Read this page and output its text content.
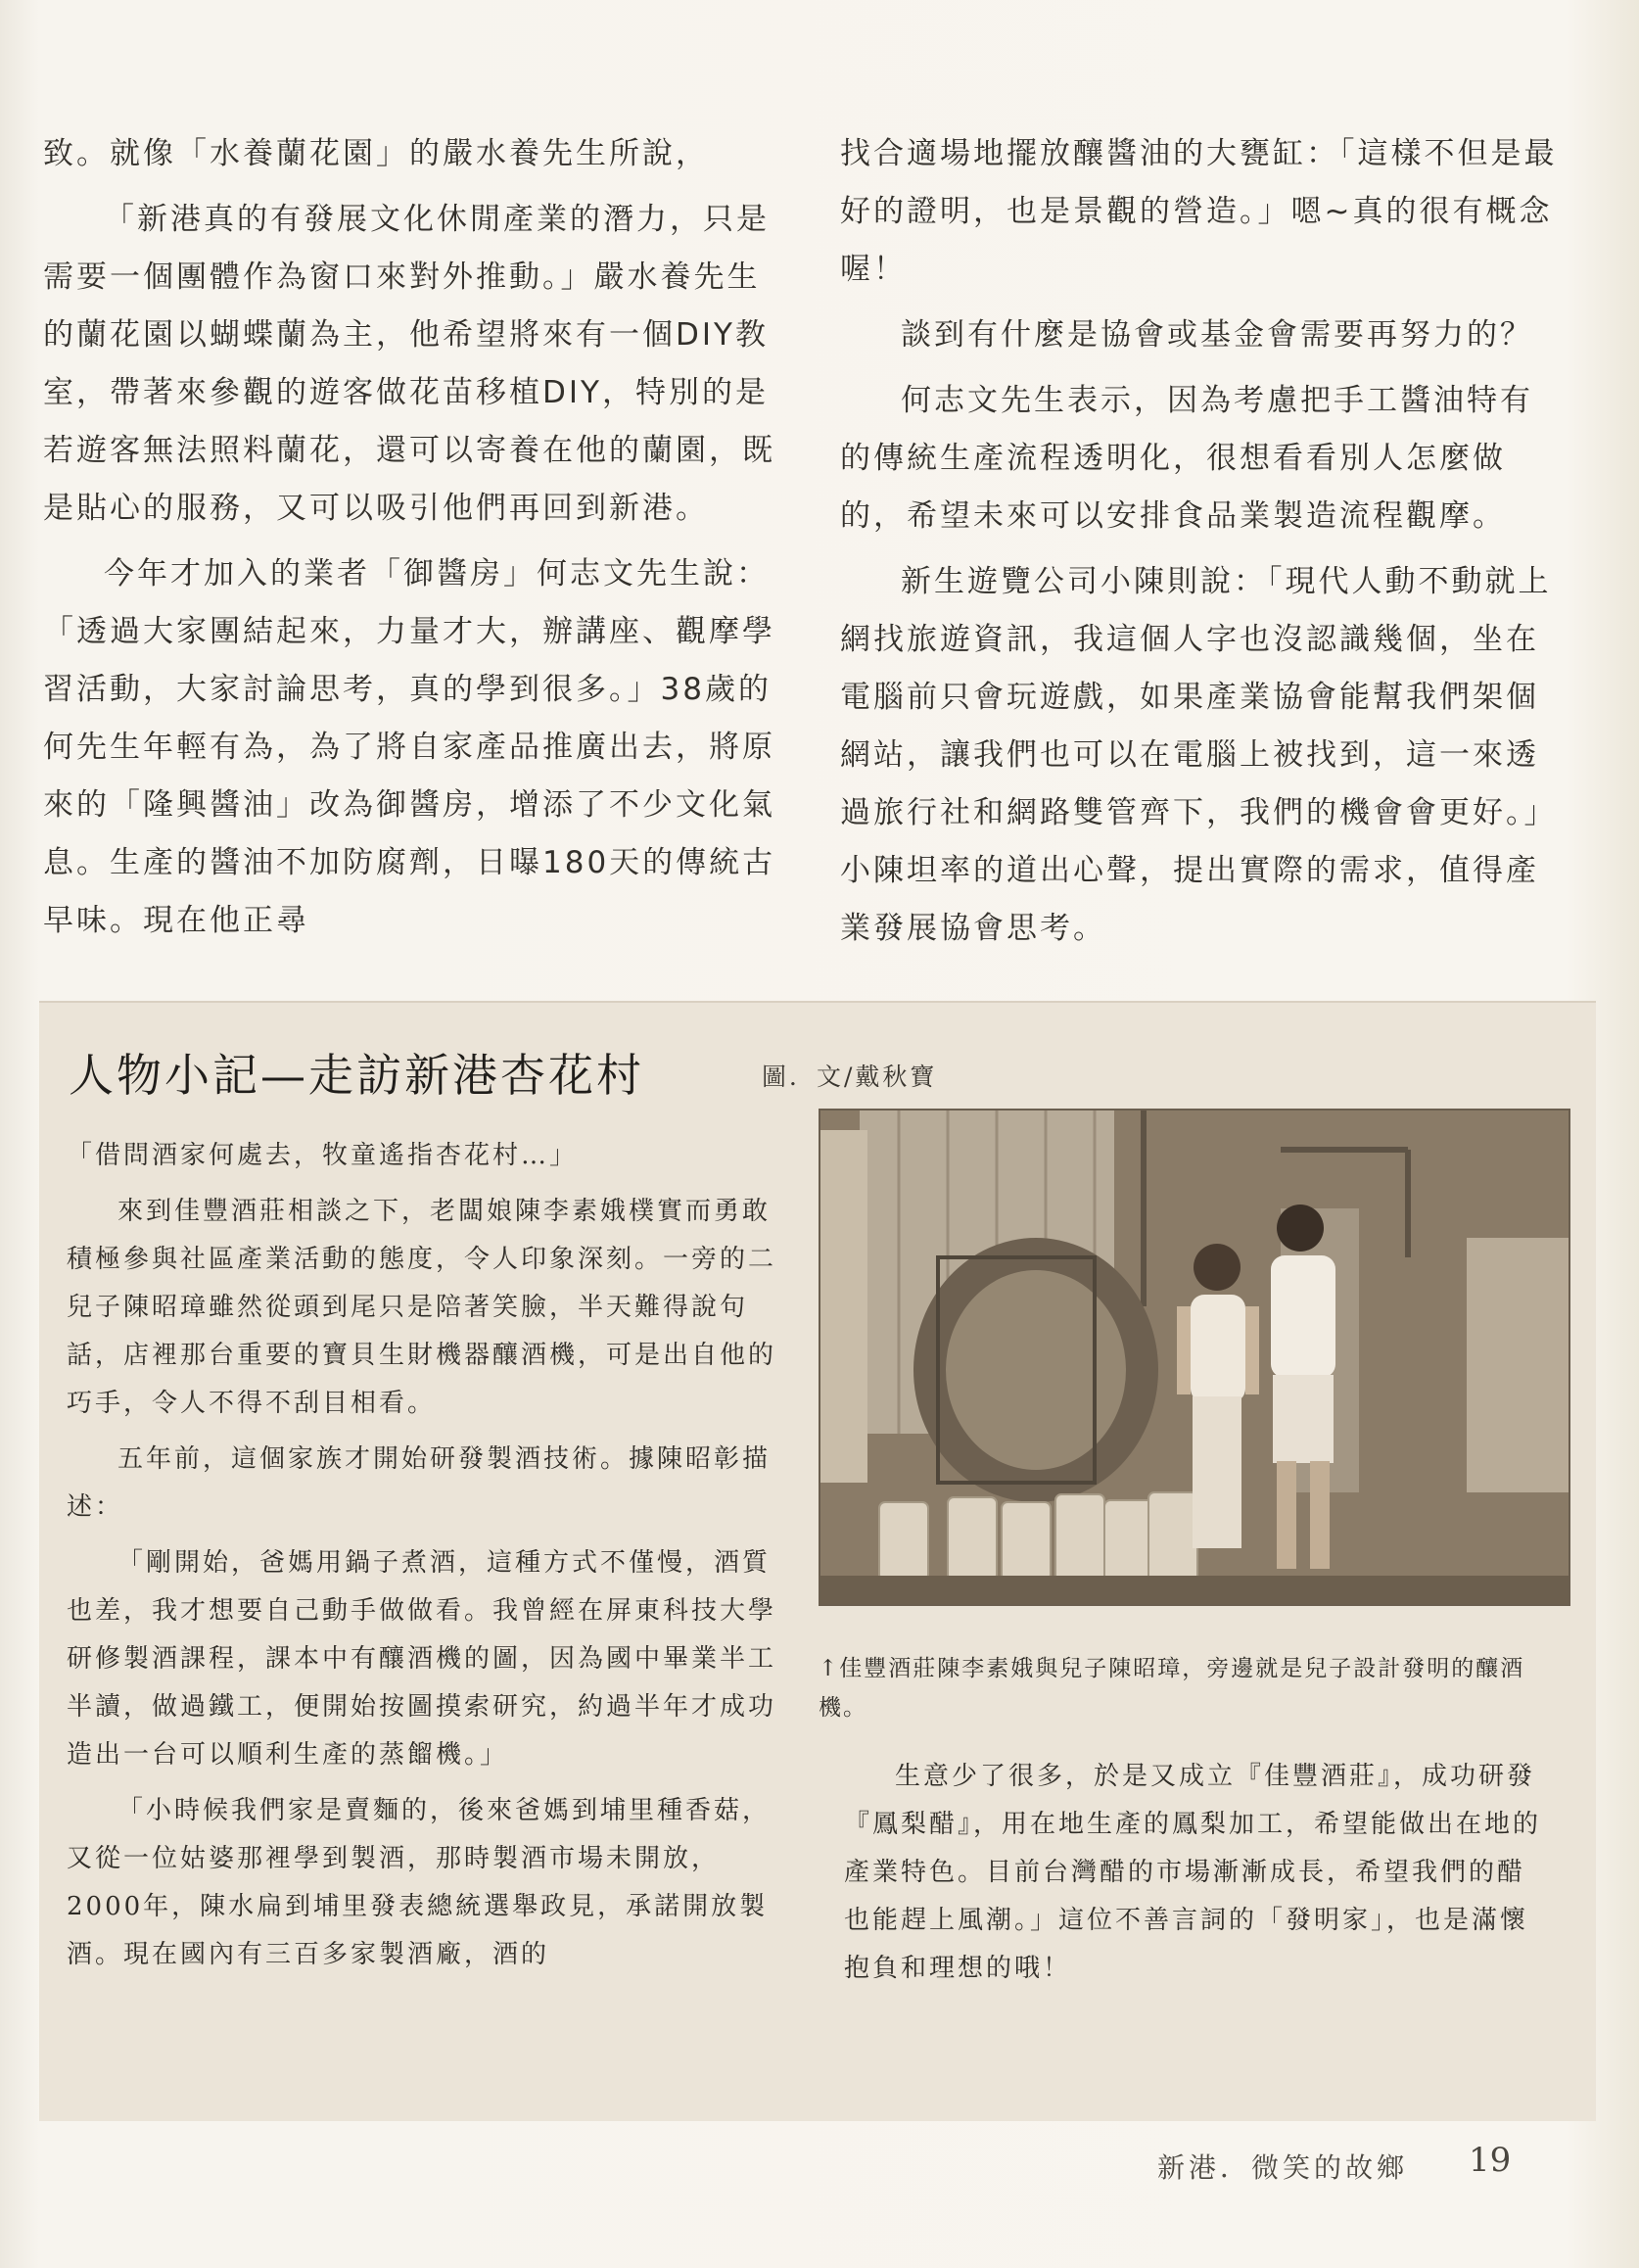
致。就像「水養蘭花園」的嚴水養先生所說，

「新港真的有發展文化休閒產業的潛力，只是需要一個團體作為窗口來對外推動。」嚴水養先生的蘭花園以蝴蝶蘭為主，他希望將來有一個DIY教室，帶著來參觀的遊客做花苗移植DIY，特別的是若遊客無法照料蘭花，還可以寄養在他的蘭園，既是貼心的服務，又可以吸引他們再回到新港。

今年才加入的業者「御醬房」何志文先生說：「透過大家團結起來，力量才大，辦講座、觀摩學習活動，大家討論思考，真的學到很多。」38歲的何先生年輕有為，為了將自家產品推廣出去，將原來的「隆興醬油」改為御醬房，增添了不少文化氣息。生產的醬油不加防腐劑，日曝180天的傳統古早味。現在他正尋

找合適場地擺放釀醬油的大甕缸：「這樣不但是最好的證明，也是景觀的營造。」嗯~真的很有概念喔！

談到有什麼是協會或基金會需要再努力的？

何志文先生表示，因為考慮把手工醬油特有的傳統生產流程透明化，很想看看別人怎麼做的，希望未來可以安排食品業製造流程觀摩。

新生遊覽公司小陳則說：「現代人動不動就上網找旅遊資訊，我這個人字也沒認識幾個，坐在電腦前只會玩遊戲，如果產業協會能幫我們架個網站，讓我們也可以在電腦上被找到，這一來透過旅行社和網路雙管齊下，我們的機會會更好。」小陳坦率的道出心聲，提出實際的需求，值得產業發展協會思考。

人物小記—走訪新港杏花村	圖．文/戴秋寶

「借問酒家何處去，牧童遙指杏花村…」

來到佳豐酒莊相談之下，老闆娘陳李素娥樸實而勇敢積極參與社區產業活動的態度，令人印象深刻。一旁的二兒子陳昭璋雖然從頭到尾只是陪著笑臉，半天難得說句話，店裡那台重要的寶貝生財機器釀酒機，可是出自他的巧手，令人不得不刮目相看。

五年前，這個家族才開始研發製酒技術。據陳昭彰描述：

「剛開始，爸媽用鍋子煮酒，這種方式不僅慢，酒質也差，我才想要自己動手做做看。我曾經在屏東科技大學研修製酒課程，課本中有釀酒機的圖，因為國中畢業半工半讀，做過鐵工，便開始按圖摸索研究，約過半年才成功造出一台可以順利生產的蒸餾機。」

「小時候我們家是賣麵的，後來爸媽到埔里種香菇，又從一位姑婆那裡學到製酒，那時製酒市場未開放，2000年，陳水扁到埔里發表總統選舉政見，承諾開放製酒。現在國內有三百多家製酒廠，酒的

↑佳豐酒莊陳李素娥與兒子陳昭璋，旁邊就是兒子設計發明的釀酒機。

生意少了很多，於是又成立『佳豐酒莊』，成功研發『鳳梨醋』，用在地生產的鳳梨加工，希望能做出在地的產業特色。目前台灣醋的市場漸漸成長，希望我們的醋也能趕上風潮。」這位不善言詞的「發明家」，也是滿懷抱負和理想的哦！

新港．微笑的故鄉 19
